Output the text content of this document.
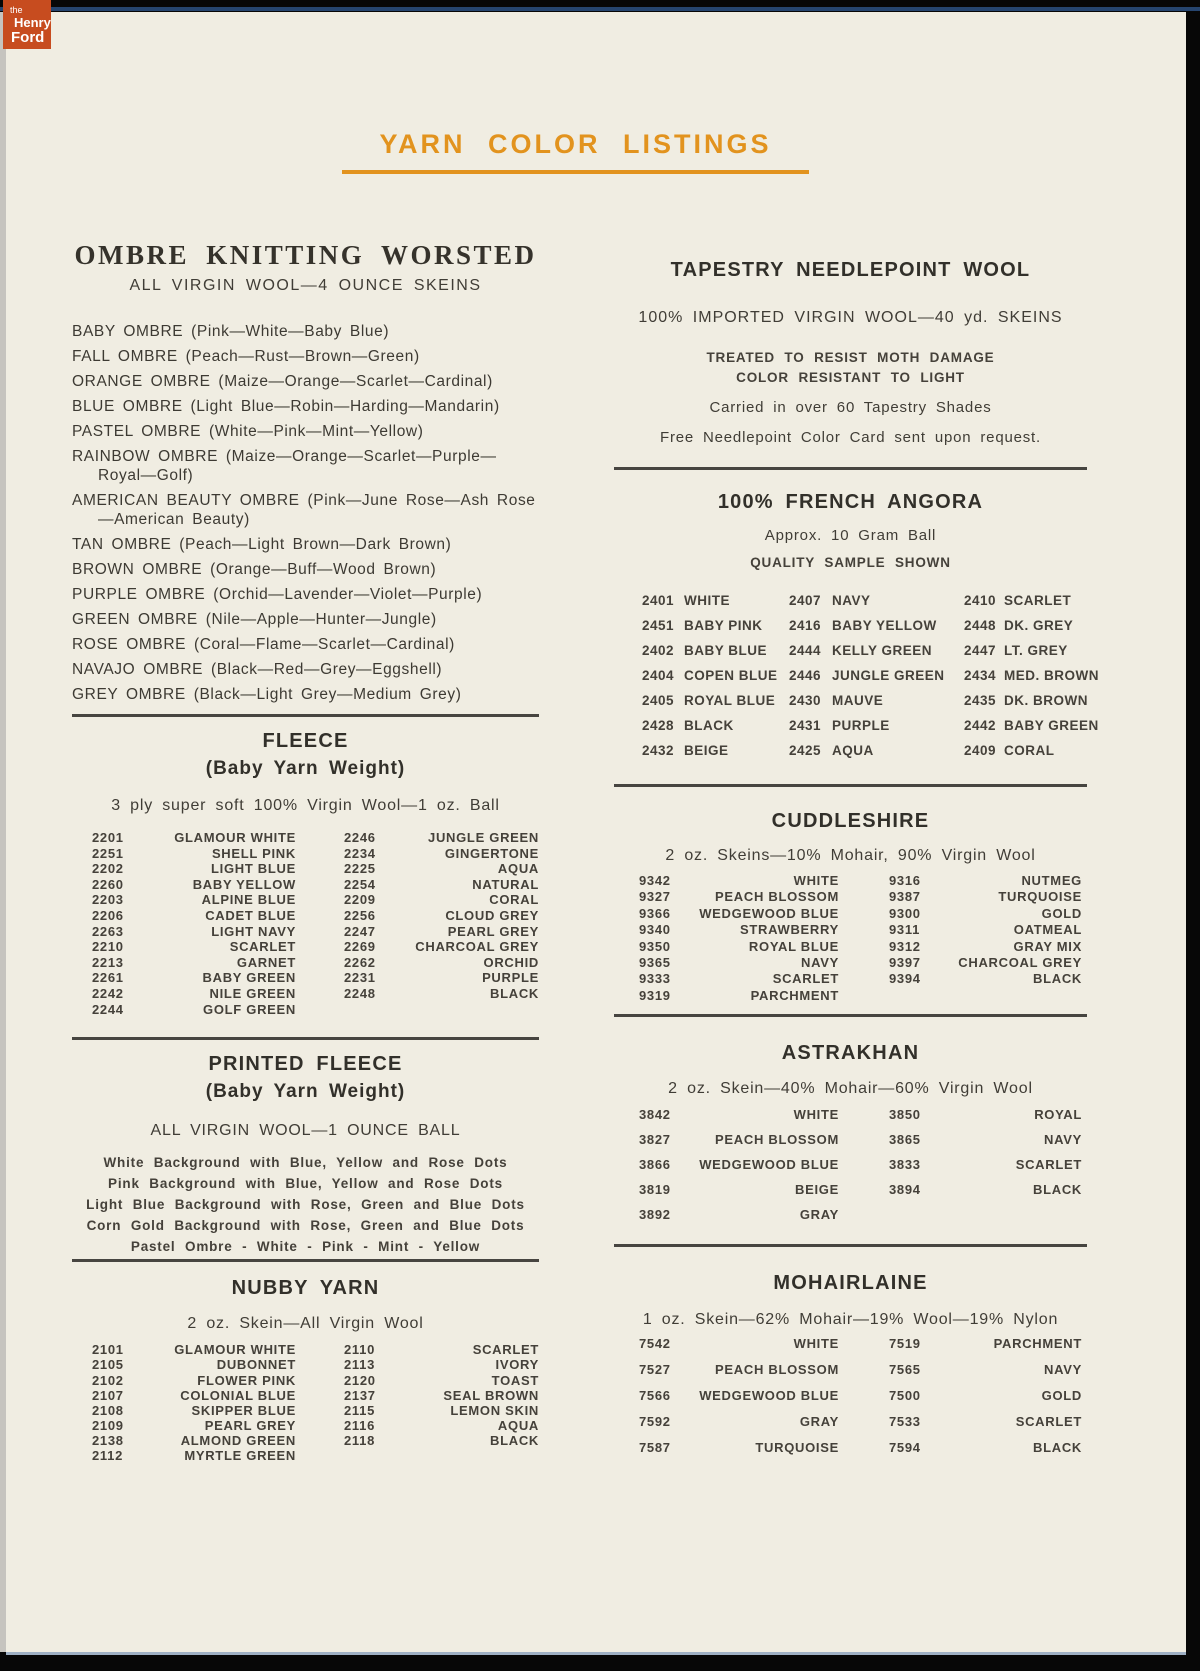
YARN COLOR LISTINGS
OMBRE KNITTING WORSTED
ALL VIRGIN WOOL—4 OUNCE SKEINS
BABY OMBRE (Pink—White—Baby Blue)
FALL OMBRE (Peach—Rust—Brown—Green)
ORANGE OMBRE (Maize—Orange—Scarlet—Cardinal)
BLUE OMBRE (Light Blue—Robin—Harding—Mandarin)
PASTEL OMBRE (White—Pink—Mint—Yellow)
RAINBOW OMBRE (Maize—Orange—Scarlet—Purple—Royal—Golf)
AMERICAN BEAUTY OMBRE (Pink—June Rose—Ash Rose—American Beauty)
TAN OMBRE (Peach—Light Brown—Dark Brown)
BROWN OMBRE (Orange—Buff—Wood Brown)
PURPLE OMBRE (Orchid—Lavender—Violet—Purple)
GREEN OMBRE (Nile—Apple—Hunter—Jungle)
ROSE OMBRE (Coral—Flame—Scarlet—Cardinal)
NAVAJO OMBRE (Black—Red—Grey—Eggshell)
GREY OMBRE (Black—Light Grey—Medium Grey)
FLEECE
(Baby Yarn Weight)
3 ply super soft 100% Virgin Wool—1 oz. Ball
2201	GLAMOUR WHITE	2246	JUNGLE GREEN
2251	SHELL PINK	2234	GINGERTONE
2202	LIGHT BLUE	2225	AQUA
2260	BABY YELLOW	2254	NATURAL
2203	ALPINE BLUE	2209	CORAL
2206	CADET BLUE	2256	CLOUD GREY
2263	LIGHT NAVY	2247	PEARL GREY
2210	SCARLET	2269	CHARCOAL GREY
2213	GARNET	2262	ORCHID
2261	BABY GREEN	2231	PURPLE
2242	NILE GREEN	2248	BLACK
2244	GOLF GREEN
PRINTED FLEECE
(Baby Yarn Weight)
ALL VIRGIN WOOL—1 OUNCE BALL
White Background with Blue, Yellow and Rose Dots
Pink Background with Blue, Yellow and Rose Dots
Light Blue Background with Rose, Green and Blue Dots
Corn Gold Background with Rose, Green and Blue Dots
Pastel Ombre - White - Pink - Mint - Yellow
NUBBY YARN
2 oz. Skein—All Virgin Wool
2101	GLAMOUR WHITE	2110	SCARLET
2105	DUBONNET	2113	IVORY
2102	FLOWER PINK	2120	TOAST
2107	COLONIAL BLUE	2137	SEAL BROWN
2108	SKIPPER BLUE	2115	LEMON SKIN
2109	PEARL GREY	2116	AQUA
2138	ALMOND GREEN	2118	BLACK
2112	MYRTLE GREEN
TAPESTRY NEEDLEPOINT WOOL
100% IMPORTED VIRGIN WOOL—40 yd. SKEINS
TREATED TO RESIST MOTH DAMAGE
COLOR RESISTANT TO LIGHT
Carried in over 60 Tapestry Shades
Free Needlepoint Color Card sent upon request.
100% FRENCH ANGORA
Approx. 10 Gram Ball
QUALITY SAMPLE SHOWN
2401 WHITE	2407 NAVY	2410 SCARLET
2451 BABY PINK	2416 BABY YELLOW	2448 DK. GREY
2402 BABY BLUE	2444 KELLY GREEN	2447 LT. GREY
2404 COPEN BLUE 2446 JUNGLE GREEN	2434 MED. BROWN
2405 ROYAL BLUE	2430 MAUVE	2435 DK. BROWN
2428 BLACK	2431 PURPLE	2442 BABY GREEN
2432 BEIGE	2425 AQUA	2409 CORAL
CUDDLESHIRE
2 oz. Skeins—10% Mohair, 90% Virgin Wool
9342	WHITE	9316	NUTMEG
9327	PEACH BLOSSOM	9387	TURQUOISE
9366	WEDGEWOOD BLUE	9300	GOLD
9340	STRAWBERRY	9311	OATMEAL
9350	ROYAL BLUE	9312	GRAY MIX
9365	NAVY	9397	CHARCOAL GREY
9333	SCARLET	9394	BLACK
9319	PARCHMENT
ASTRAKHAN
2 oz. Skein—40% Mohair—60% Virgin Wool
3842	WHITE	3850	ROYAL
3827	PEACH BLOSSOM	3865	NAVY
3866	WEDGEWOOD BLUE	3833	SCARLET
3819	BEIGE	3894	BLACK
3892	GRAY
MOHAIRLAINE
1 oz. Skein—62% Mohair—19% Wool—19% Nylon
7542	WHITE	7519	PARCHMENT
7527	PEACH BLOSSOM	7565	NAVY
7566	WEDGEWOOD BLUE	7500	GOLD
7592	GRAY	7533	SCARLET
7587	TURQUOISE	7594	BLACK
the
Henry
Ford
